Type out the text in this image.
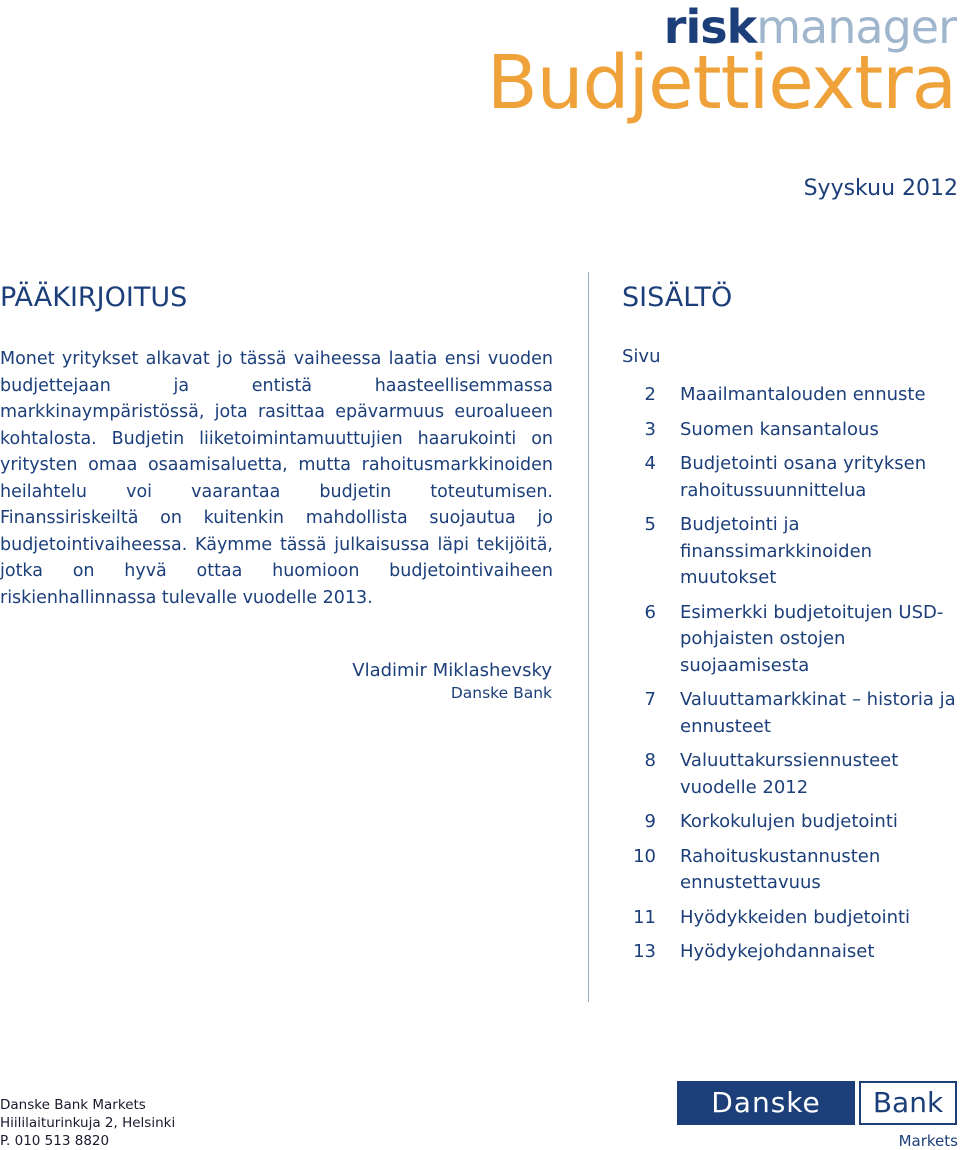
riskmanager
Budjettiextra
Syyskuu 2012
PÄÄKIRJOITUS

Monet yritykset alkavat jo tässä vaiheessa laatia ensi vuoden budjettejaan ja entistä haasteellisemmassa markkinaympäristössä, jota rasittaa epävarmuus euroalueen kohtalosta. Budjetin liiketoimintamuuttujien haarukointi on yritysten omaa osaamisaluetta, mutta rahoitusmarkkinoiden heilahtelu voi vaarantaa budjetin toteutumisen. Finanssiriskeiltä on kuitenkin mahdollista suojautua jo budjetointivaiheessa. Käymme tässä julkaisussa läpi tekijöitä, jotka on hyvä ottaa huomioon budjetointivaiheen riskienhallinnassa tulevalle vuodelle 2013.

Vladimir Miklashevsky
Danske Bank
SISÄLTÖ
Sivu
2 Maailmantalouden ennuste
3 Suomen kansantalous
4 Budjetointi osana yrityksen rahoitussuunnittelua
5 Budjetointi ja finanssimarkkinoiden muutokset
6 Esimerkki budjetoitujen USD-pohjaisten ostojen suojaamisesta
7 Valuuttamarkkinat – historia ja ennusteet
8 Valuuttakurssiennusteet vuodelle 2012
9 Korkokulujen budjetointi
10 Rahoituskustannusten ennustettavuus
11 Hyödykkeiden budjetointi
13 Hyödykejohdannaiset
Danske Bank Markets
Hiililaiturinkuja 2, Helsinki
P. 010 513 8820
Danske	Bank
Markets
